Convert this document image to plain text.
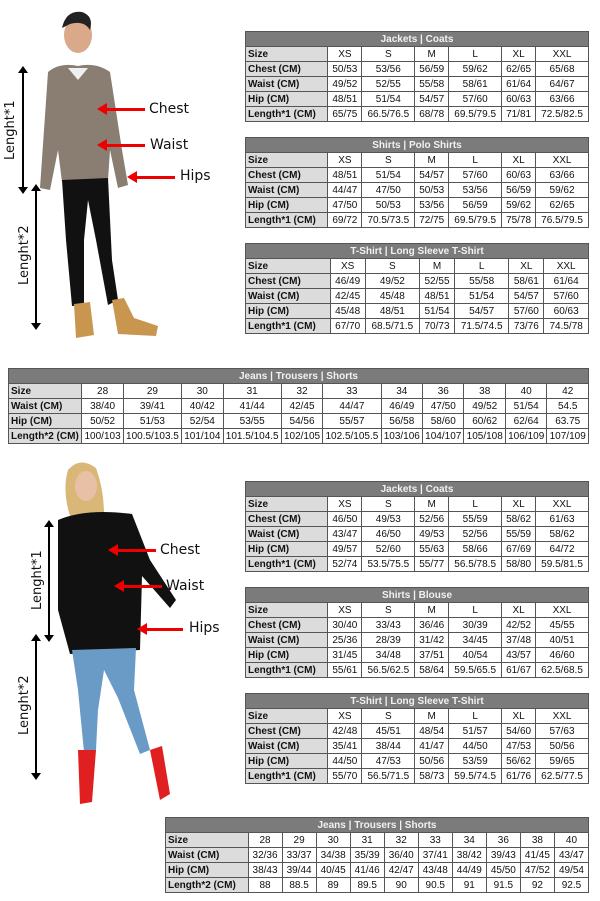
Lenght*1
Lenght*2
Chest
Waist
Hips
Jackets | Coats						
Size	XS	S	M	L	XL	XXL
Chest (CM)	50/53	53/56	56/59	59/62	62/65	65/68
Waist (CM)	49/52	52/55	55/58	58/61	61/64	64/67
Hip (CM)	48/51	51/54	54/57	57/60	60/63	63/66
Length*1 (CM)	65/75	66.5/76.5	68/78	69.5/79.5	71/81	72.5/82.5
Shirts | Polo Shirts						
Size	XS	S	M	L	XL	XXL
Chest (CM)	48/51	51/54	54/57	57/60	60/63	63/66
Waist (CM)	44/47	47/50	50/53	53/56	56/59	59/62
Hip (CM)	47/50	50/53	53/56	56/59	59/62	62/65
Length*1 (CM)	69/72	70.5/73.5	72/75	69.5/79.5	75/78	76.5/79.5
T-Shirt | Long Sleeve T-Shirt						
Size	XS	S	M	L	XL	XXL
Chest (CM)	46/49	49/52	52/55	55/58	58/61	61/64
Waist (CM)	42/45	45/48	48/51	51/54	54/57	57/60
Hip (CM)	45/48	48/51	51/54	54/57	57/60	60/63
Length*1 (CM)	67/70	68.5/71.5	70/73	71.5/74.5	73/76	74.5/78
Jeans | Trousers | Shorts											
Size	28	29	30	31	32	33	34	36	38	40	42
Waist (CM)	38/40	39/41	40/42	41/44	42/45	44/47	46/49	47/50	49/52	51/54	54.5
Hip (CM)	50/52	51/53	52/54	53/55	54/56	55/57	56/58	58/60	60/62	62/64	63.75
Length*2 (CM)	100/103	100.5/103.5	101/104	101.5/104.5	102/105	102.5/105.5	103/106	104/107	105/108	106/109	107/109
Lenght*1
Lenght*2
Chest
Waist
Hips
Jackets | Coats						
Size	XS	S	M	L	XL	XXL
Chest (CM)	46/50	49/53	52/56	55/59	58/62	61/63
Waist (CM)	43/47	46/50	49/53	52/56	55/59	58/62
Hip (CM)	49/57	52/60	55/63	58/66	67/69	64/72
Length*1 (CM)	52/74	53.5/75.5	55/77	56.5/78.5	58/80	59.5/81.5
Shirts | Blouse						
Size	XS	S	M	L	XL	XXL
Chest (CM)	30/40	33/43	36/46	30/39	42/52	45/55
Waist (CM)	25/36	28/39	31/42	34/45	37/48	40/51
Hip (CM)	31/45	34/48	37/51	40/54	43/57	46/60
Length*1 (CM)	55/61	56.5/62.5	58/64	59.5/65.5	61/67	62.5/68.5
T-Shirt | Long Sleeve T-Shirt						
Size	XS	S	M	L	XL	XXL
Chest (CM)	42/48	45/51	48/54	51/57	54/60	57/63
Waist (CM)	35/41	38/44	41/47	44/50	47/53	50/56
Hip (CM)	44/50	47/53	50/56	53/59	56/62	59/65
Length*1 (CM)	55/70	56.5/71.5	58/73	59.5/74.5	61/76	62.5/77.5
Jeans | Trousers | Shorts										
Size	28	29	30	31	32	33	34	36	38	40
Waist (CM)	32/36	33/37	34/38	35/39	36/40	37/41	38/42	39/43	41/45	43/47
Hip (CM)	38/43	39/44	40/45	41/46	42/47	43/48	44/49	45/50	47/52	49/54
Length*2 (CM)	88	88.5	89	89.5	90	90.5	91	91.5	92	92.5
